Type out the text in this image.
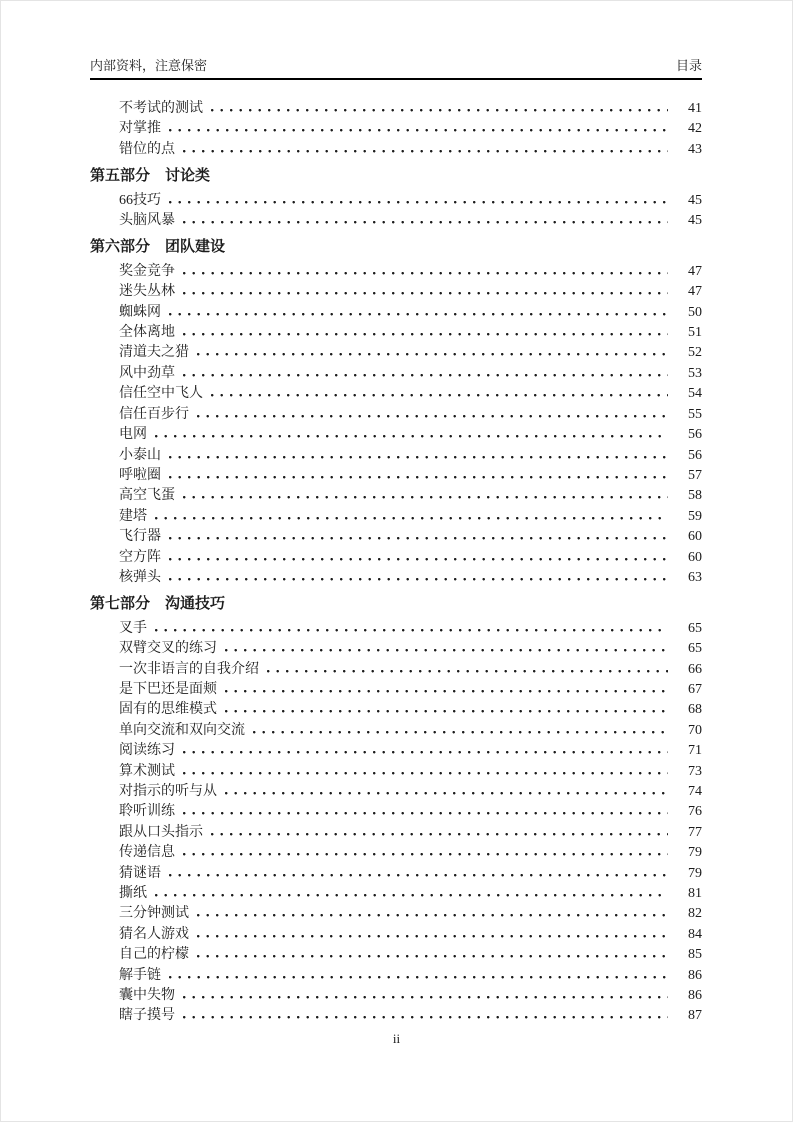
内部资料，注意保密	目录
不考试的测试	41
对掌推	42
错位的点	43
第五部分　讨论类
66技巧	45
头脑风暴	45
第六部分　团队建设
奖金竞争	47
迷失丛林	47
蜘蛛网	50
全体离地	51
清道夫之猎	52
风中劲草	53
信任空中飞人	54
信任百步行	55
电网	56
小泰山	56
呼啦圈	57
高空飞蛋	58
建塔	59
飞行器	60
空方阵	60
核弹头	63
第七部分　沟通技巧
叉手	65
双臂交叉的练习	65
一次非语言的自我介绍	66
是下巴还是面颊	67
固有的思维模式	68
单向交流和双向交流	70
阅读练习	71
算术测试	73
对指示的听与从	74
聆听训练	76
跟从口头指示	77
传递信息	79
猜谜语	79
撕纸	81
三分钟测试	82
猜名人游戏	84
自己的柠檬	85
解手链	86
囊中失物	86
瞎子摸号	87
ii
